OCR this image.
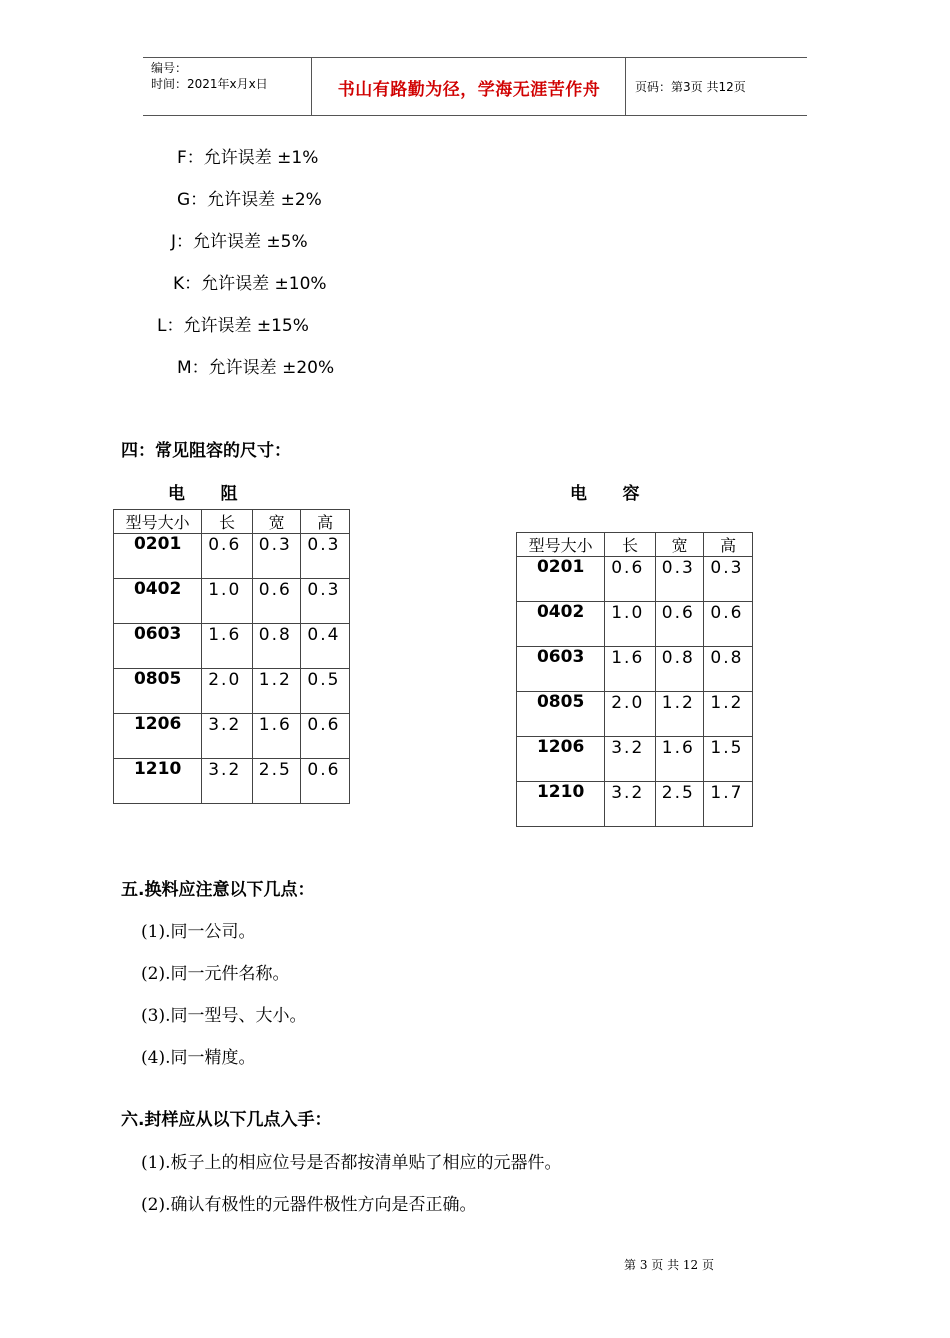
编号：
时间：2021年x月x日	书山有路勤为径，学海无涯苦作舟	页码：第3页 共12页
F：允许误差 ±1%
G：允许误差 ±2%
J：允许误差 ±5%
K：允许误差 ±10%
L：允许误差 ±15%
M：允许误差 ±20%
四：常见阻容的尺寸：
电      阻	电      容
型号大小	长	宽	高
0201	0.6	0.3	0.3
0402	1.0	0.6	0.3
0603	1.6	0.8	0.4
0805	2.0	1.2	0.5
1206	3.2	1.6	0.6
1210	3.2	2.5	0.6
型号大小	长	宽	高
0201	0.6	0.3	0.3
0402	1.0	0.6	0.6
0603	1.6	0.8	0.8
0805	2.0	1.2	1.2
1206	3.2	1.6	1.5
1210	3.2	2.5	1.7
五.换料应注意以下几点：
(1).同一公司。
(2).同一元件名称。
(3).同一型号、大小。
(4).同一精度。
六.封样应从以下几点入手：
(1).板子上的相应位号是否都按清单贴了相应的元器件。
(2).确认有极性的元器件极性方向是否正确。
第 3 页 共 12 页
